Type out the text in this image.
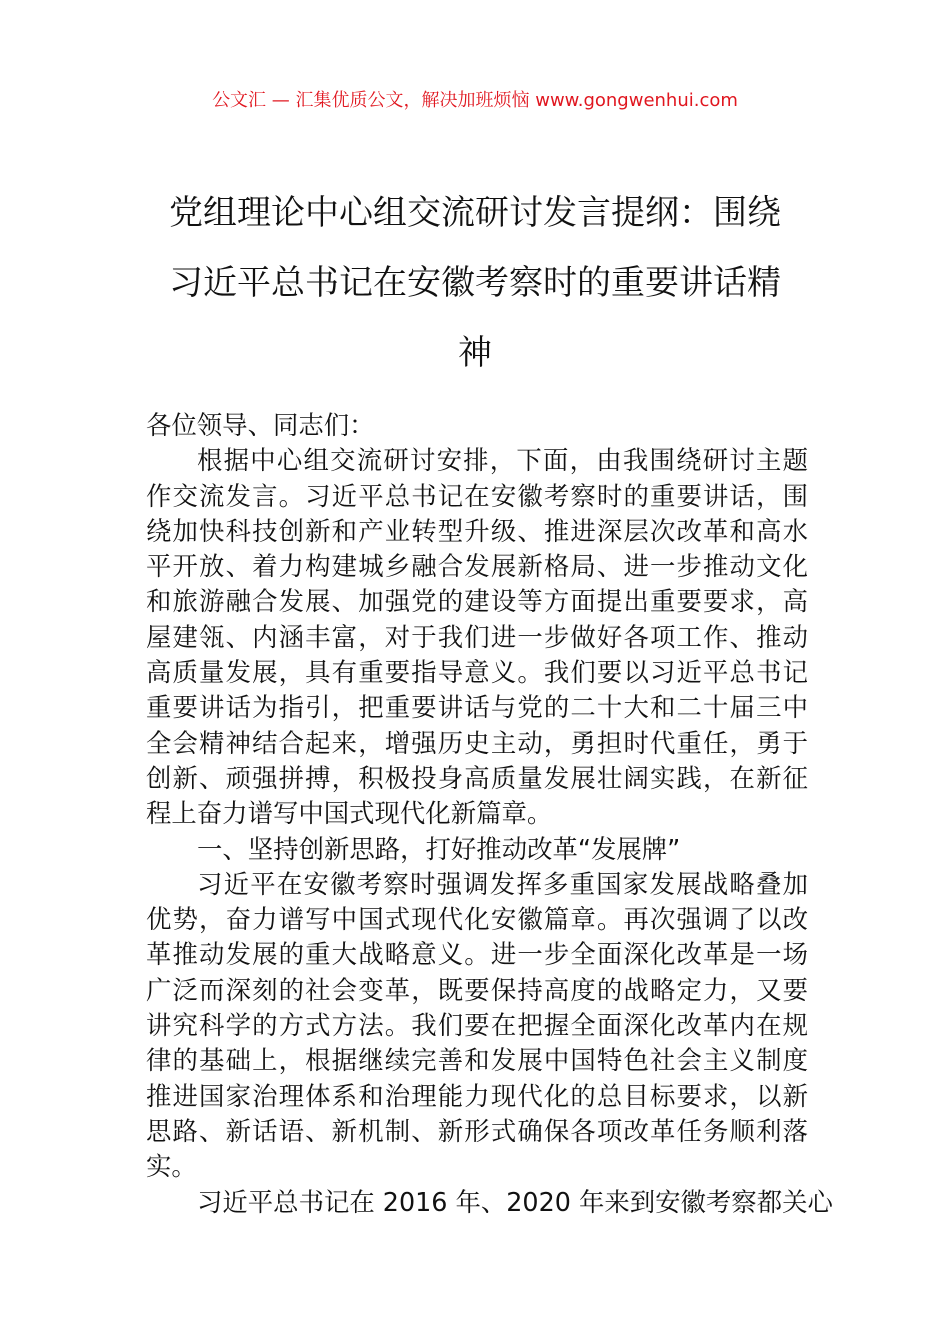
公文汇 — 汇集优质公文，解决加班烦恼 www.gongwenhui.com
党组理论中心组交流研讨发言提纲：围绕
习近平总书记在安徽考察时的重要讲话精
神
各位领导、同志们：
根据中心组交流研讨安排，下面，由我围绕研讨主题
作交流发言。习近平总书记在安徽考察时的重要讲话，围
绕加快科技创新和产业转型升级、推进深层次改革和高水
平开放、着力构建城乡融合发展新格局、进一步推动文化
和旅游融合发展、加强党的建设等方面提出重要要求，高
屋建瓴、内涵丰富，对于我们进一步做好各项工作、推动
高质量发展，具有重要指导意义。我们要以习近平总书记
重要讲话为指引，把重要讲话与党的二十大和二十届三中
全会精神结合起来，增强历史主动，勇担时代重任，勇于
创新、顽强拼搏，积极投身高质量发展壮阔实践，在新征
程上奋力谱写中国式现代化新篇章。
一、坚持创新思路，打好推动改革“发展牌”
习近平在安徽考察时强调发挥多重国家发展战略叠加
优势，奋力谱写中国式现代化安徽篇章。再次强调了以改
革推动发展的重大战略意义。进一步全面深化改革是一场
广泛而深刻的社会变革，既要保持高度的战略定力，又要
讲究科学的方式方法。我们要在把握全面深化改革内在规
律的基础上，根据继续完善和发展中国特色社会主义制度
推进国家治理体系和治理能力现代化的总目标要求，以新
思路、新话语、新机制、新形式确保各项改革任务顺利落
实。
习近平总书记在 2016 年、2020 年来到安徽考察都关心
